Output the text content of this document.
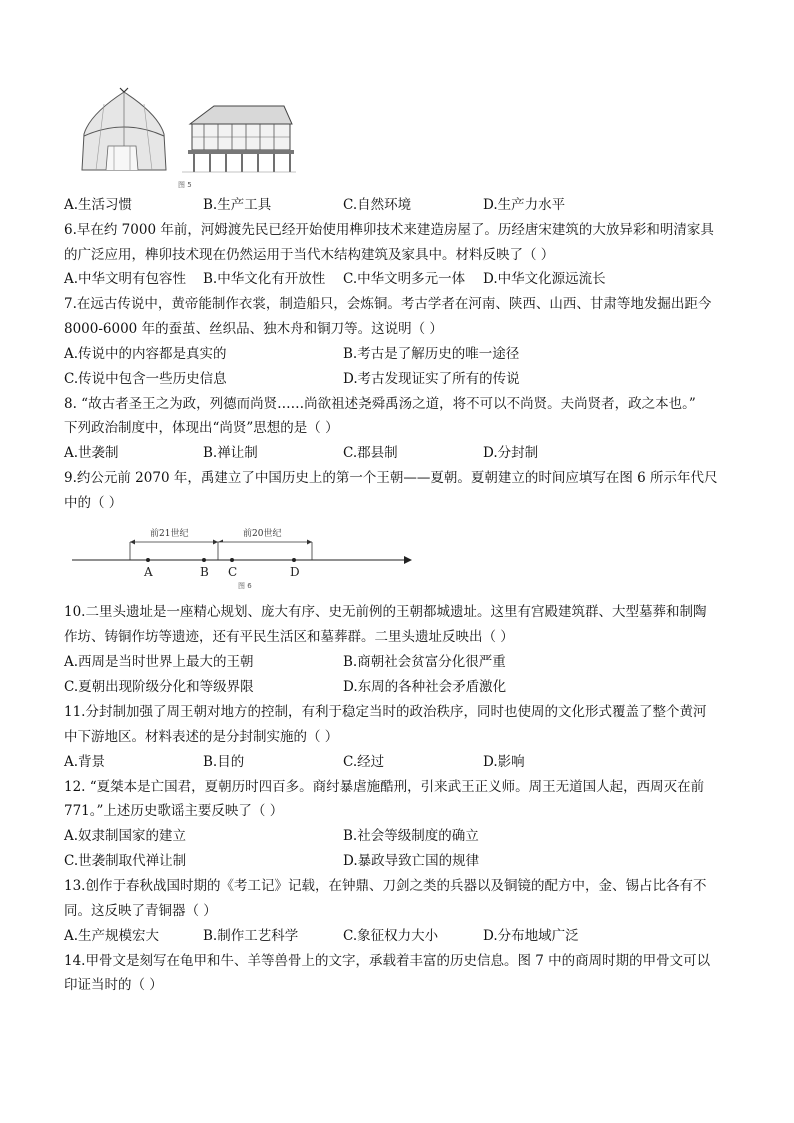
图 5
A.生活习惯	B.生产工具	C.自然环境	D.生产力水平
6.早在约 7000 年前，河姆渡先民已经开始使用榫卯技术来建造房屋了。历经唐宋建筑的大放异彩和明清家具
的广泛应用，榫卯技术现在仍然运用于当代木结构建筑及家具中。材料反映了（ ）
A.中华文明有包容性 B.中华文化有开放性 C.中华文明多元一体 D.中华文化源远流长
7.在远古传说中，黄帝能制作衣裳，制造船只，会炼铜。考古学者在河南、陕西、山西、甘肃等地发掘出距今
8000-6000 年的蚕茧、丝织品、独木舟和铜刀等。这说明（ ）
A.传说中的内容都是真实的	B.考古是了解历史的唯一途径
C.传说中包含一些历史信息	D.考古发现证实了所有的传说
8. “故古者圣王之为政，列德而尚贤……尚欲祖述尧舜禹汤之道，将不可以不尚贤。夫尚贤者，政之本也。”
下列政治制度中，体现出“尚贤”思想的是（ ）
A.世袭制	B.禅让制	C.郡县制	D.分封制
9.约公元前 2070 年，禹建立了中国历史上的第一个王朝——夏朝。夏朝建立的时间应填写在图 6 所示年代尺
中的（ ）
前21世纪	前20世纪
A	B C	D
图 6
10.二里头遗址是一座精心规划、庞大有序、史无前例的王朝都城遗址。这里有宫殿建筑群、大型墓葬和制陶
作坊、铸铜作坊等遗迹，还有平民生活区和墓葬群。二里头遗址反映出（ ）
A.西周是当时世界上最大的王朝	B.商朝社会贫富分化很严重
C.夏朝出现阶级分化和等级界限	D.东周的各种社会矛盾激化
11.分封制加强了周王朝对地方的控制，有利于稳定当时的政治秩序，同时也使周的文化形式覆盖了整个黄河
中下游地区。材料表述的是分封制实施的（ ）
A.背景	B.目的	C.经过	D.影响
12. “夏桀本是亡国君，夏朝历时四百多。商纣暴虐施酷刑，引来武王正义师。周王无道国人起，西周灭在前
771。”上述历史歌谣主要反映了（ ）
A.奴隶制国家的建立	B.社会等级制度的确立
C.世袭制取代禅让制	D.暴政导致亡国的规律
13.创作于春秋战国时期的《考工记》记载，在钟鼎、刀剑之类的兵器以及铜镜的配方中，金、锡占比各有不
同。这反映了青铜器（ ）
A.生产规模宏大	B.制作工艺科学	C.象征权力大小	D.分布地域广泛
14.甲骨文是刻写在龟甲和牛、羊等兽骨上的文字，承载着丰富的历史信息。图 7 中的商周时期的甲骨文可以
印证当时的（ ）
